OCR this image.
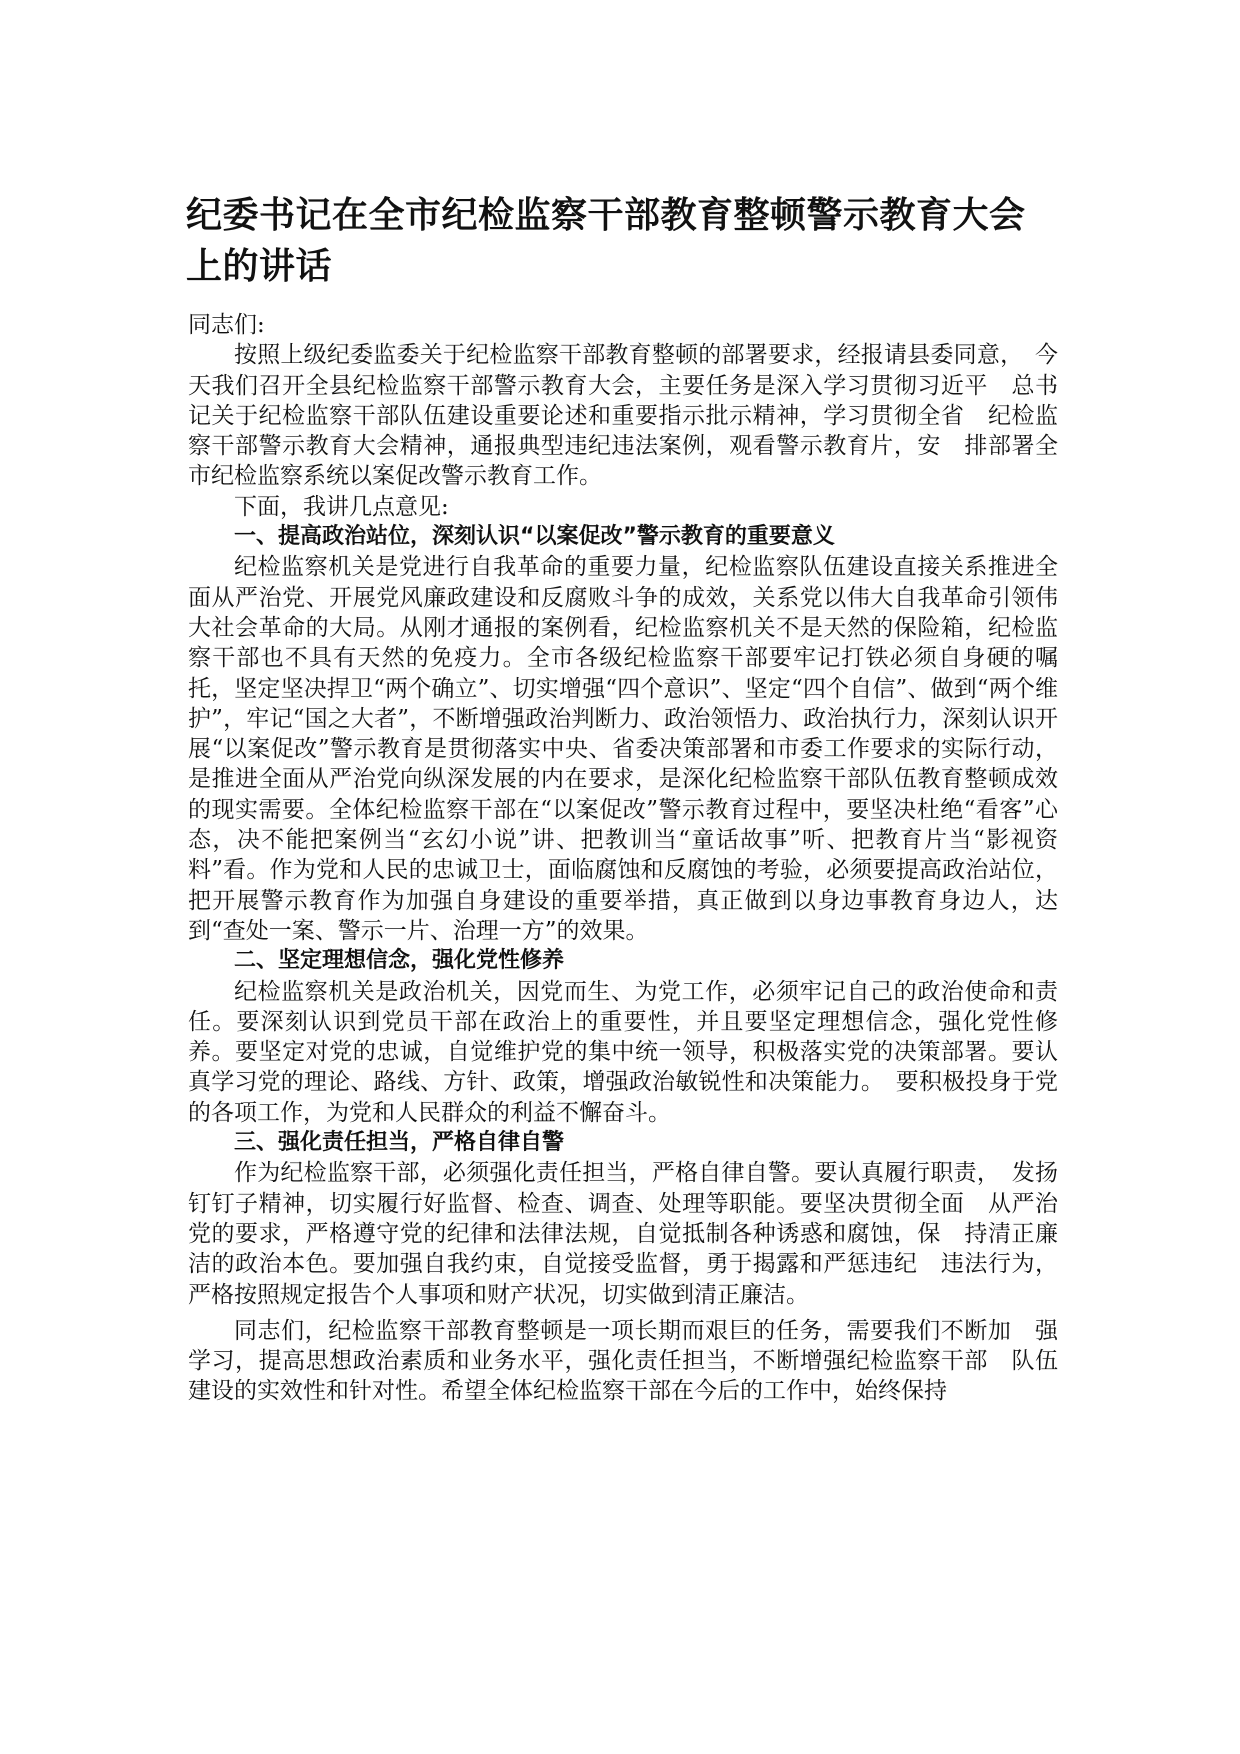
纪委书记在全市纪检监察干部教育整顿警示教育大会上的讲话

同志们:

按照上级纪委监委关于纪检监察干部教育整顿的部署要求，经报请县委同意，　今天我们召开全县纪检监察干部警示教育大会，主要任务是深入学习贯彻习近平　总书记关于纪检监察干部队伍建设重要论述和重要指示批示精神，学习贯彻全省　纪检监察干部警示教育大会精神，通报典型违纪违法案例，观看警示教育片，安　排部署全市纪检监察系统以案促改警示教育工作。

下面，我讲几点意见:

一、提高政治站位，深刻认识“以案促改”警示教育的重要意义

纪检监察机关是党进行自我革命的重要力量，纪检监察队伍建设直接关系推进全面从严治党、开展党风廉政建设和反腐败斗争的成效，关系党以伟大自我革命引领伟大社会革命的大局。从刚才通报的案例看，纪检监察机关不是天然的保险箱，纪检监察干部也不具有天然的免疫力。全市各级纪检监察干部要牢记打铁必须自身硬的嘱托，坚定坚决捍卫“两个确立”、切实增强“四个意识”、坚定“四个自信”、做到“两个维护”，牢记“国之大者”，不断增强政治判断力、政治领悟力、政治执行力，深刻认识开展“以案促改”警示教育是贯彻落实中央、省委决策部署和市委工作要求的实际行动，是推进全面从严治党向纵深发展的内在要求，是深化纪检监察干部队伍教育整顿成效的现实需要。全体纪检监察干部在“以案促改”警示教育过程中，要坚决杜绝“看客”心态，决不能把案例当“玄幻小说”讲、把教训当“童话故事”听、把教育片当“影视资料”看。作为党和人民的忠诚卫士，面临腐蚀和反腐蚀的考验，必须要提高政治站位，把开展警示教育作为加强自身建设的重要举措，真正做到以身边事教育身边人，达到“查处一案、警示一片、治理一方”的效果。

二、坚定理想信念，强化党性修养

纪检监察机关是政治机关，因党而生、为党工作，必须牢记自己的政治使命和责任。要深刻认识到党员干部在政治上的重要性，并且要坚定理想信念，强化党性修养。要坚定对党的忠诚，自觉维护党的集中统一领导，积极落实党的决策部署。要认真学习党的理论、路线、方针、政策，增强政治敏锐性和决策能力。　要积极投身于党的各项工作，为党和人民群众的利益不懈奋斗。

三、强化责任担当，严格自律自警

作为纪检监察干部，必须强化责任担当，严格自律自警。要认真履行职责，　发扬钉钉子精神，切实履行好监督、检查、调查、处理等职能。要坚决贯彻全面　从严治党的要求，严格遵守党的纪律和法律法规，自觉抵制各种诱惑和腐蚀，保　持清正廉洁的政治本色。要加强自我约束，自觉接受监督，勇于揭露和严惩违纪　违法行为，严格按照规定报告个人事项和财产状况，切实做到清正廉洁。

同志们，纪检监察干部教育整顿是一项长期而艰巨的任务，需要我们不断加　强学习，提高思想政治素质和业务水平，强化责任担当，不断增强纪检监察干部　队伍建设的实效性和针对性。希望全体纪检监察干部在今后的工作中，始终保持
